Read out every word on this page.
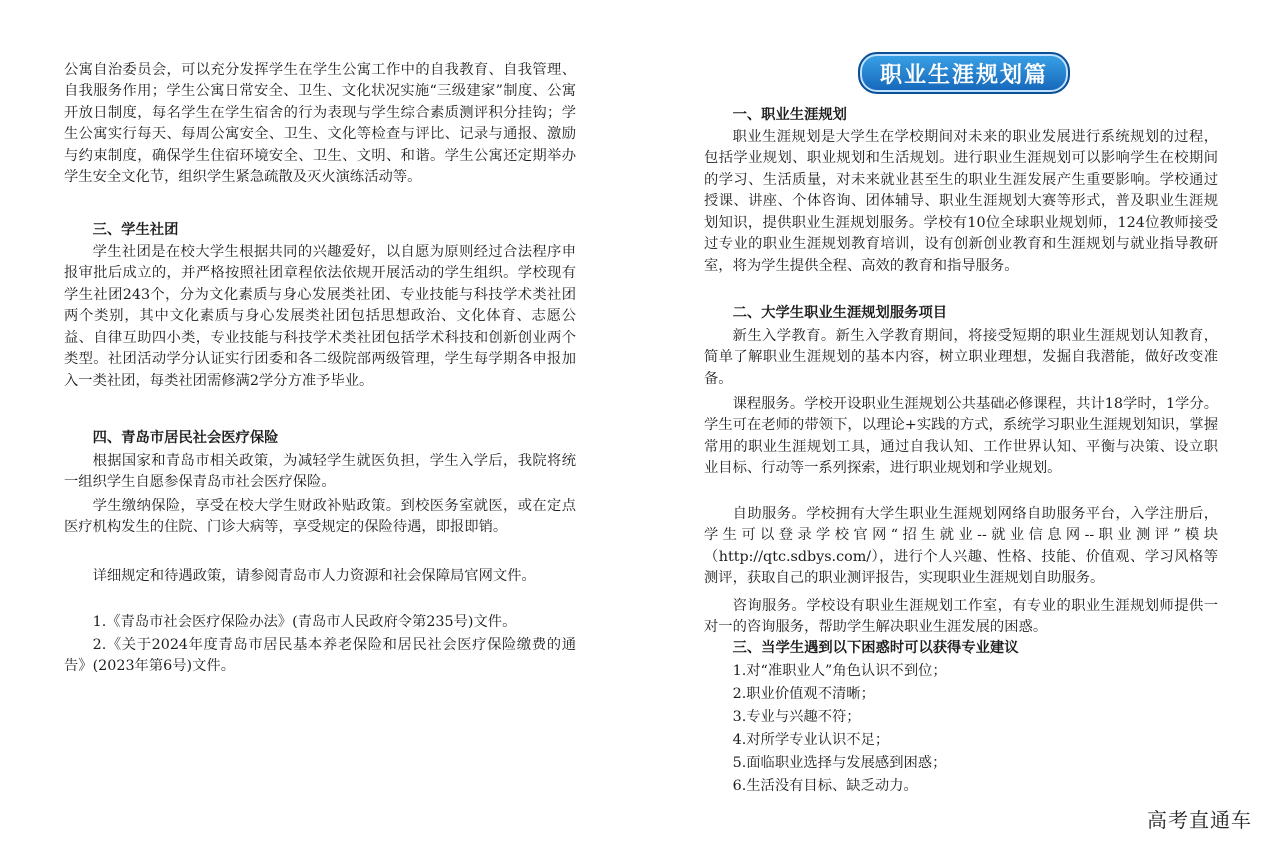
公寓自治委员会，可以充分发挥学生在学生公寓工作中的自我教育、自我管理、自我服务作用；学生公寓日常安全、卫生、文化状况实施“三级建家”制度、公寓开放日制度，每名学生在学生宿舍的行为表现与学生综合素质测评积分挂钩；学生公寓实行每天、每周公寓安全、卫生、文化等检查与评比、记录与通报、激励与约束制度，确保学生住宿环境安全、卫生、文明、和谐。学生公寓还定期举办学生安全文化节，组织学生紧急疏散及灭火演练活动等。

三、学生社团

学生社团是在校大学生根据共同的兴趣爱好，以自愿为原则经过合法程序申报审批后成立的，并严格按照社团章程依法依规开展活动的学生组织。学校现有学生社团243个，分为文化素质与身心发展类社团、专业技能与科技学术类社团两个类别，其中文化素质与身心发展类社团包括思想政治、文化体育、志愿公益、自律互助四小类，专业技能与科技学术类社团包括学术科技和创新创业两个类型。社团活动学分认证实行团委和各二级院部两级管理，学生每学期各申报加入一类社团，每类社团需修满2学分方准予毕业。

四、青岛市居民社会医疗保险

根据国家和青岛市相关政策，为减轻学生就医负担，学生入学后，我院将统一组织学生自愿参保青岛市社会医疗保险。

学生缴纳保险，享受在校大学生财政补贴政策。到校医务室就医，或在定点医疗机构发生的住院、门诊大病等，享受规定的保险待遇，即报即销。

详细规定和待遇政策，请参阅青岛市人力资源和社会保障局官网文件。

1.《青岛市社会医疗保险办法》(青岛市人民政府令第235号)文件。

2.《关于2024年度青岛市居民基本养老保险和居民社会医疗保险缴费的通告》(2023年第6号)文件。

职业生涯规划篇

一、职业生涯规划

职业生涯规划是大学生在学校期间对未来的职业发展进行系统规划的过程，包括学业规划、职业规划和生活规划。进行职业生涯规划可以影响学生在校期间的学习、生活质量，对未来就业甚至生的职业生涯发展产生重要影响。学校通过授课、讲座、个体咨询、团体辅导、职业生涯规划大赛等形式，普及职业生涯规划知识，提供职业生涯规划服务。学校有10位全球职业规划师，124位教师接受过专业的职业生涯规划教育培训，设有创新创业教育和生涯规划与就业指导教研室，将为学生提供全程、高效的教育和指导服务。

二、大学生职业生涯规划服务项目

新生入学教育。新生入学教育期间，将接受短期的职业生涯规划认知教育，简单了解职业生涯规划的基本内容，树立职业理想，发掘自我潜能，做好改变准备。

课程服务。学校开设职业生涯规划公共基础必修课程，共计18学时，1学分。学生可在老师的带领下，以理论+实践的方式，系统学习职业生涯规划知识，掌握常用的职业生涯规划工具，通过自我认知、工作世界认知、平衡与决策、设立职业目标、行动等一系列探索，进行职业规划和学业规划。

自助服务。学校拥有大学生职业生涯规划网络自助服务平台，入学注册后，学生可以登录学校官网“招生就业--就业信息网--职业测评”模块（http://qtc.sdbys.com/），进行个人兴趣、性格、技能、价值观、学习风格等测评，获取自己的职业测评报告，实现职业生涯规划自助服务。

咨询服务。学校设有职业生涯规划工作室，有专业的职业生涯规划师提供一对一的咨询服务，帮助学生解决职业生涯发展的困惑。

三、当学生遇到以下困惑时可以获得专业建议

1.对“准职业人”角色认识不到位；

2.职业价值观不清晰；

3.专业与兴趣不符；

4.对所学专业认识不足；

5.面临职业选择与发展感到困惑；

6.生活没有目标、缺乏动力。

高考直通车
